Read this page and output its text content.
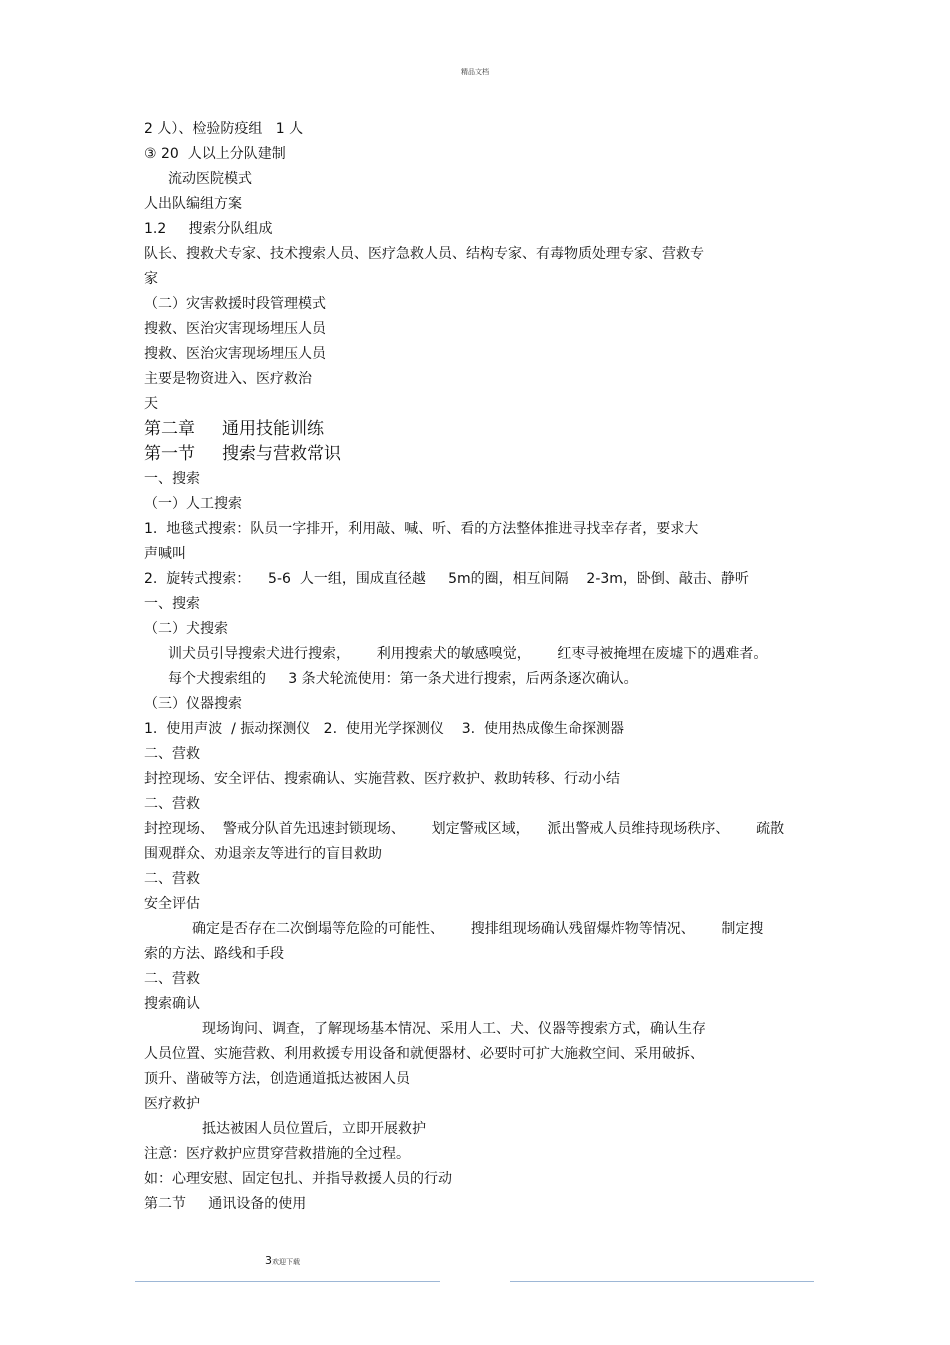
精品文档
2 人）、检验防疫组   1 人
③ 20  人以上分队建制
流动医院模式
人出队编组方案
1.2     搜索分队组成
队长、搜救犬专家、技术搜索人员、医疗急救人员、结构专家、有毒物质处理专家、营救专
家
（二）灾害救援时段管理模式
搜救、医治灾害现场埋压人员
搜救、医治灾害现场埋压人员
主要是物资进入、医疗救治
天
第二章     通用技能训练
第一节     搜索与营救常识
一、搜索
（一）人工搜索
1.  地毯式搜索：队员一字排开，利用敲、喊、听、看的方法整体推进寻找幸存者，要求大
声喊叫
2.  旋转式搜索：    5-6  人一组，围成直径越     5m的圈，相互间隔    2-3m，卧倒、敲击、静听
一、搜索
（二）犬搜索
训犬员引导搜索犬进行搜索，      利用搜索犬的敏感嗅觉，      红枣寻被掩埋在废墟下的遇难者。
每个犬搜索组的     3 条犬轮流使用：第一条犬进行搜索，后两条逐次确认。
（三）仪器搜索
1.  使用声波  / 振动探测仪   2.  使用光学探测仪    3.  使用热成像生命探测器
二、营救
封控现场、安全评估、搜索确认、实施营救、医疗救护、救助转移、行动小结
二、营救
封控现场、  警戒分队首先迅速封锁现场、      划定警戒区域，    派出警戒人员维持现场秩序、      疏散
围观群众、劝退亲友等进行的盲目救助
二、营救
安全评估
确定是否存在二次倒塌等危险的可能性、      搜排组现场确认残留爆炸物等情况、      制定搜
索的方法、路线和手段
二、营救
搜索确认
现场询问、调查，了解现场基本情况、采用人工、犬、仪器等搜索方式，确认生存
人员位置、实施营救、利用救援专用设备和就便器材、必要时可扩大施救空间、采用破拆、
顶升、凿破等方法，创造通道抵达被困人员
医疗救护
抵达被困人员位置后，立即开展救护
注意：医疗救护应贯穿营救措施的全过程。
如：心理安慰、固定包扎、并指导救援人员的行动
第二节     通讯设备的使用
3欢迎下载
